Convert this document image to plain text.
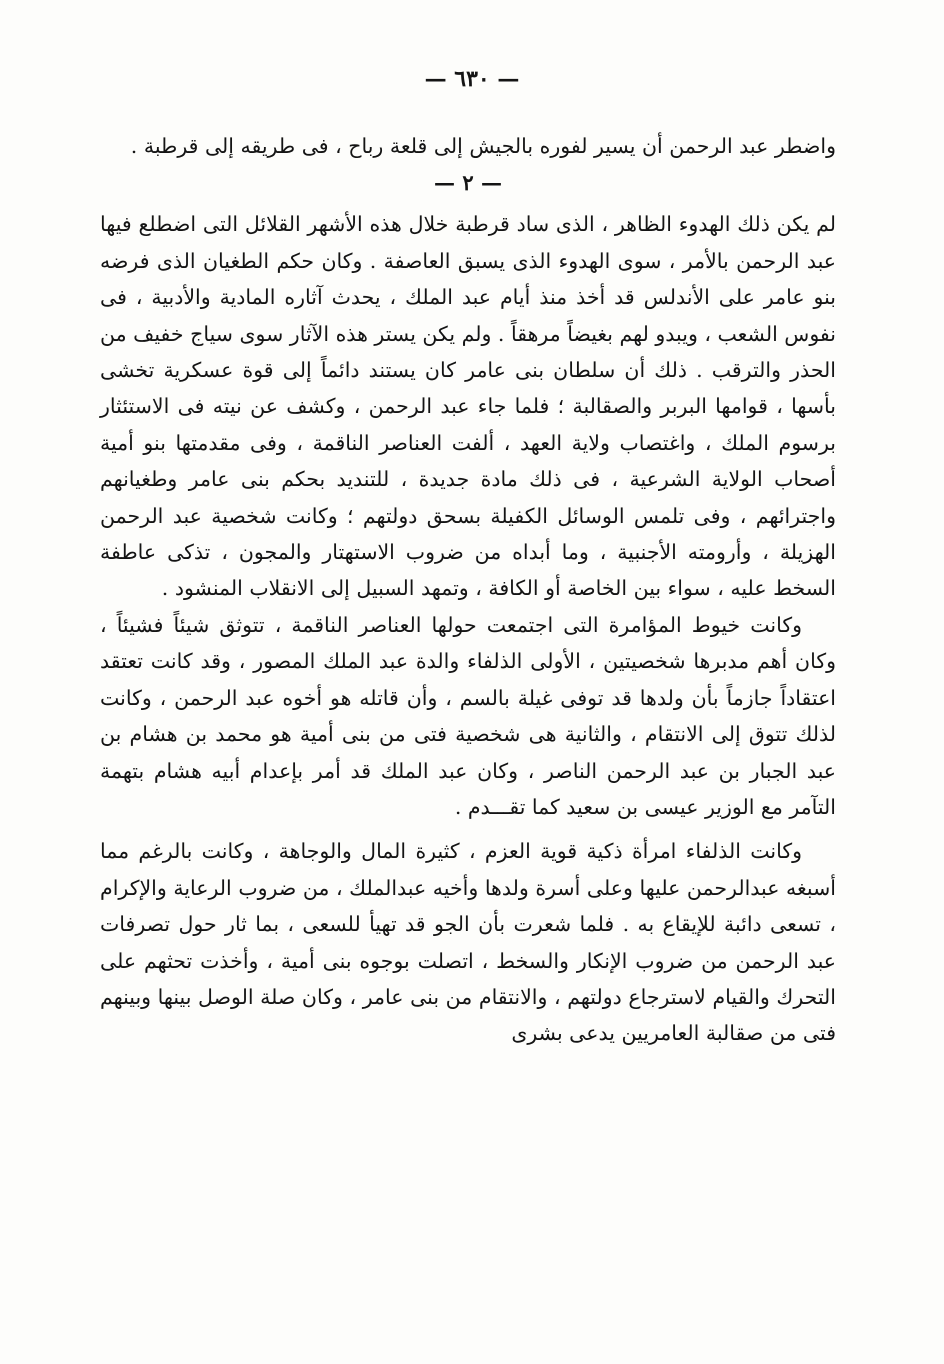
— ٦٣٠ —

واضطر عبد الرحمن أن يسير لفوره بالجيش إلى قلعة رباح ، فى طريقه إلى قرطبة .

— ٢ —

لم يكن ذلك الهدوء الظاهر ، الذى ساد قرطبة خلال هذه الأشهر القلائل التى اضطلع فيها عبد الرحمن بالأمر ، سوى الهدوء الذى يسبق العاصفة . وكان حكم الطغيان الذى فرضه بنو عامر على الأندلس قد أخذ منذ أيام عبد الملك ، يحدث آثاره المادية والأدبية ، فى نفوس الشعب ، ويبدو لهم بغيضاً مرهقاً . ولم يكن يستر هذه الآثار سوى سياج خفيف من الحذر والترقب . ذلك أن سلطان بنى عامر كان يستند دائماً إلى قوة عسكرية تخشى بأسها ، قوامها البربر والصقالبة ؛ فلما جاء عبد الرحمن ، وكشف عن نيته فى الاستئثار برسوم الملك ، واغتصاب ولاية العهد ، ألفت العناصر الناقمة ، وفى مقدمتها بنو أمية أصحاب الولاية الشرعية ، فى ذلك مادة جديدة ، للتنديد بحكم بنى عامر وطغيانهم واجترائهم ، وفى تلمس الوسائل الكفيلة بسحق دولتهم ؛ وكانت شخصية عبد الرحمن الهزيلة ، وأرومته الأجنبية ، وما أبداه من ضروب الاستهتار والمجون ، تذكى عاطفة السخط عليه ، سواء بين الخاصة أو الكافة ، وتمهد السبيل إلى الانقلاب المنشود .

وكانت خيوط المؤامرة التى اجتمعت حولها العناصر الناقمة ، تتوثق شيئاً فشيئاً ، وكان أهم مدبرها شخصيتين ، الأولى الذلفاء والدة عبد الملك المصور ، وقد كانت تعتقد اعتقاداً جازماً بأن ولدها قد توفى غيلة بالسم ، وأن قاتله هو أخوه عبد الرحمن ، وكانت لذلك تتوق إلى الانتقام ، والثانية هى شخصية فتى من بنى أمية هو محمد بن هشام بن عبد الجبار بن عبد الرحمن الناصر ، وكان عبد الملك قد أمر بإعدام أبيه هشام بتهمة التآمر مع الوزير عيسى بن سعيد كما تقـــدم .

وكانت الذلفاء امرأة ذكية قوية العزم ، كثيرة المال والوجاهة ، وكانت بالرغم مما أسبغه عبدالرحمن عليها وعلى أسرة ولدها وأخيه عبدالملك ، من ضروب الرعاية والإكرام ، تسعى دائبة للإيقاع به . فلما شعرت بأن الجو قد تهيأ للسعى ، بما ثار حول تصرفات عبد الرحمن من ضروب الإنكار والسخط ، اتصلت بوجوه بنى أمية ، وأخذت تحثهم على التحرك والقيام لاسترجاع دولتهم ، والانتقام من بنى عامر ، وكان صلة الوصل بينها وبينهم فتى من صقالبة العامريين يدعى بشرى
